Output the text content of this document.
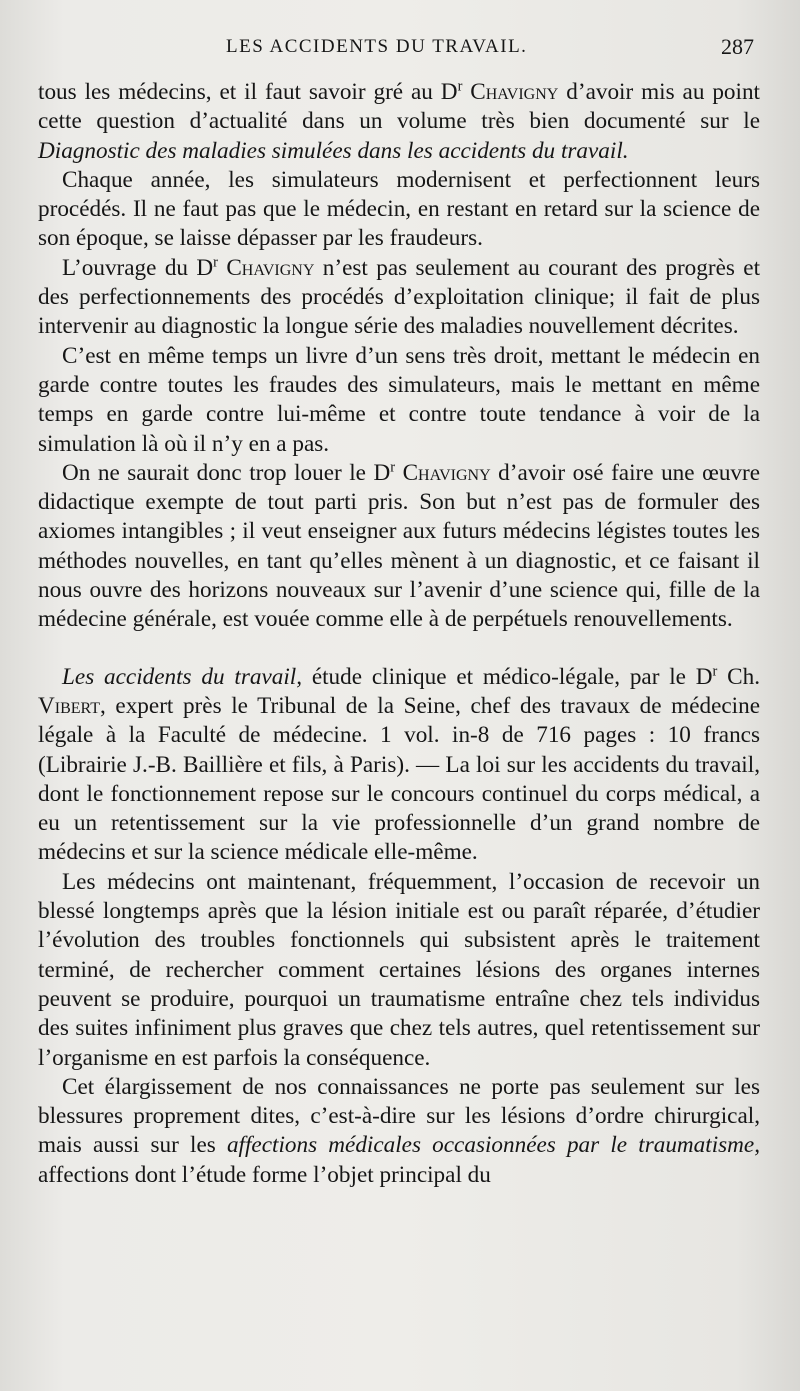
LES ACCIDENTS DU TRAVAIL.	287

tous les médecins, et il faut savoir gré au $D^r$ Chavigny d’avoir mis au point cette question d’actualité dans un volume très bien documenté sur le Diagnostic des maladies simulées dans les accidents du travail.

Chaque année, les simulateurs modernisent et perfectionnent leurs procédés. Il ne faut pas que le médecin, en restant en retard sur la science de son époque, se laisse dépasser par les fraudeurs.

L’ouvrage du $D^r$ Chavigny n’est pas seulement au courant des progrès et des perfectionnements des procédés d’exploitation clinique; il fait de plus intervenir au diagnostic la longue série des maladies nouvellement décrites.

C’est en même temps un livre d’un sens très droit, mettant le médecin en garde contre toutes les fraudes des simulateurs, mais le mettant en même temps en garde contre lui-même et contre toute tendance à voir de la simulation là où il n’y en a pas.

On ne saurait donc trop louer le $D^r$ Chavigny d’avoir osé faire une œuvre didactique exempte de tout parti pris. Son but n’est pas de formuler des axiomes intangibles ; il veut enseigner aux futurs médecins légistes toutes les méthodes nouvelles, en tant qu’elles mènent à un diagnostic, et ce faisant il nous ouvre des horizons nouveaux sur l’avenir d’une science qui, fille de la médecine générale, est vouée comme elle à de perpétuels renouvellements.

Les accidents du travail, étude clinique et médico-légale, par le $D^r$ Ch. Vibert, expert près le Tribunal de la Seine, chef des travaux de médecine légale à la Faculté de médecine. 1 vol. in-8 de 716 pages : 10 francs (Librairie J.-B. Baillière et fils, à Paris). — La loi sur les accidents du travail, dont le fonctionnement repose sur le concours continuel du corps médical, a eu un retentissement sur la vie professionnelle d’un grand nombre de médecins et sur la science médicale elle-même.

Les médecins ont maintenant, fréquemment, l’occasion de recevoir un blessé longtemps après que la lésion initiale est ou paraît réparée, d’étudier l’évolution des troubles fonctionnels qui subsistent après le traitement terminé, de rechercher comment certaines lésions des organes internes peuvent se produire, pourquoi un traumatisme entraîne chez tels individus des suites infiniment plus graves que chez tels autres, quel retentissement sur l’organisme en est parfois la conséquence.

Cet élargissement de nos connaissances ne porte pas seulement sur les blessures proprement dites, c’est-à-dire sur les lésions d’ordre chirurgical, mais aussi sur les affections médicales occasionnées par le traumatisme, affections dont l’étude forme l’objet principal du
